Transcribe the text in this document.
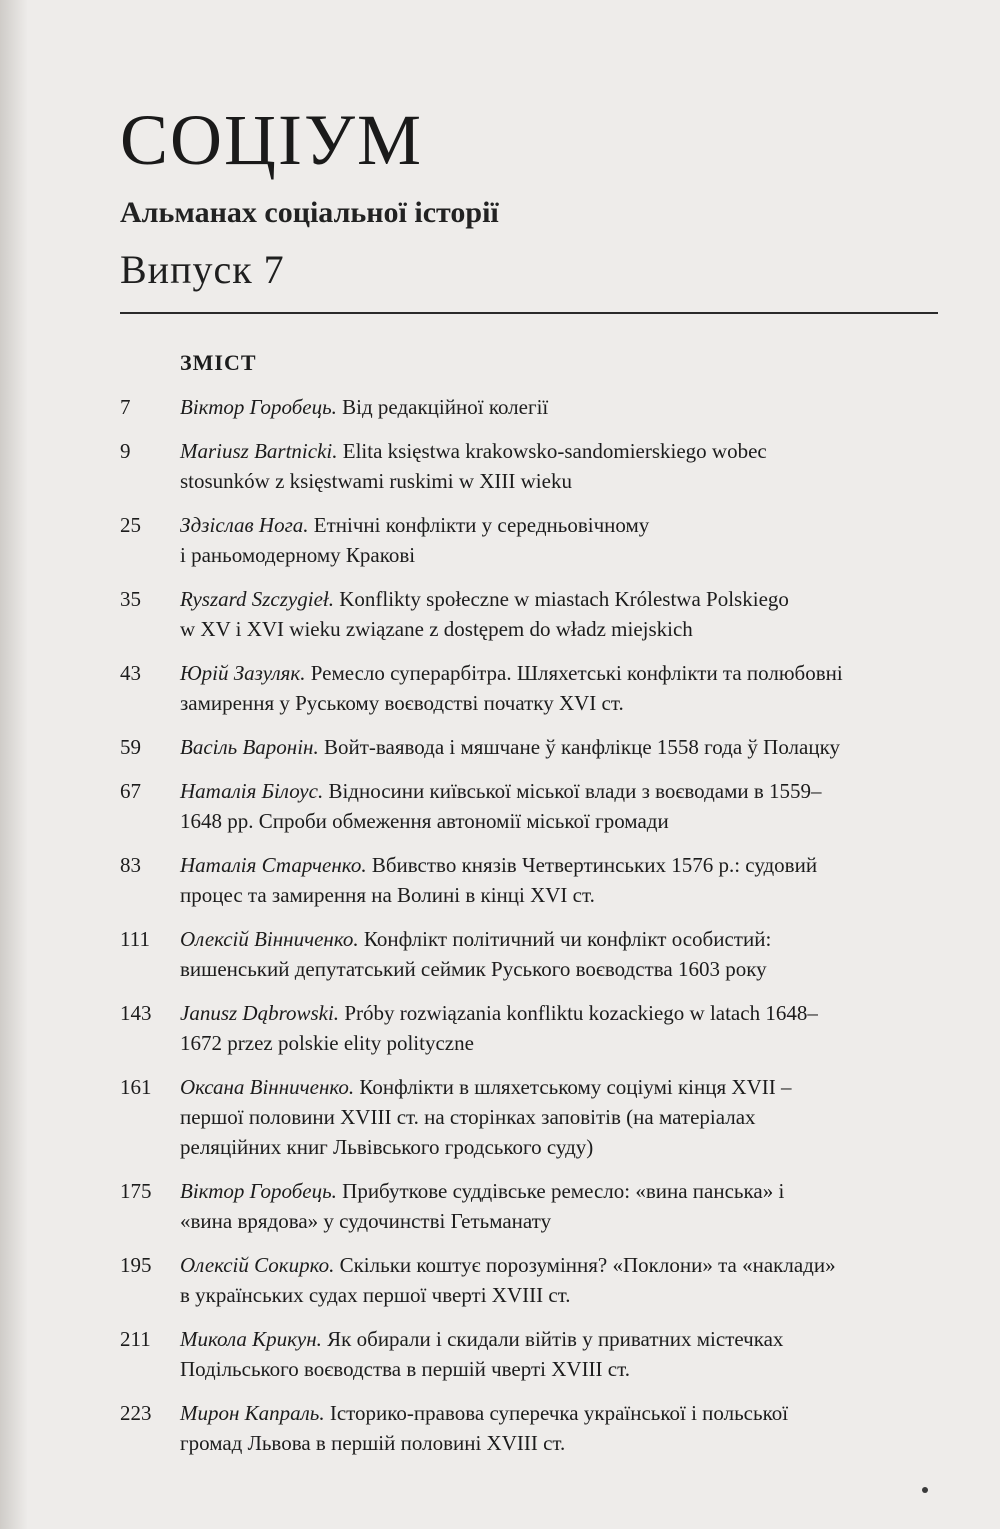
СОЦІУМ
Альманах соціальної історії
Випуск 7
ЗМІСТ
7	Віктор Горобець. Від редакційної колегії
9	Mariusz Bartnicki. Elita księstwa krakowsko-sandomierskiego wobec
stosunków z księstwami ruskimi w XIII wieku
25	Здзіслав Нога. Етнічні конфлікти у середньовічному
і раньомодерному Кракові
35	Ryszard Szczygieł. Konflikty społeczne w miastach Królestwa Polskiego
w XV i XVI wieku związane z dostępem do władz miejskich
43	Юрій Зазуляк. Ремесло суперарбітра. Шляхетські конфлікти та полюбовні
замирення у Руському воєводстві початку XVI ст.
59	Васіль Варонін. Войт-ваявода і мяшчане ў канфлікце 1558 года ў Полацку
67	Наталія Білоус. Відносини київської міської влади з воєводами в 1559–
1648 рр. Спроби обмеження автономії міської громади
83	Наталія Старченко. Вбивство князів Четвертинських 1576 р.: судовий
процес та замирення на Волині в кінці XVI ст.
111	Олексій Вінниченко. Конфлікт політичний чи конфлікт особистий:
вишенський депутатський сеймик Руського воєводства 1603 року
143	Janusz Dąbrowski. Próby rozwiązania konfliktu kozackiego w latach 1648–
1672 przez polskie elity polityczne
161	Оксана Вінниченко. Конфлікти в шляхетському соціумі кінця XVII –
першої половини XVIII ст. на сторінках заповітів (на матеріалах
реляційних книг Львівського гродського суду)
175	Віктор Горобець. Прибуткове суддівське ремесло: «вина панська» і
«вина врядова» у судочинстві Гетьманату
195	Олексій Сокирко. Скільки коштує порозуміння? «Поклони» та «наклади»
в українських судах першої чверті XVIII ст.
211	Микола Крикун. Як обирали і скидали війтів у приватних містечках
Подільського воєводства в першій чверті XVIII ст.
223	Мирон Капраль. Історико-правова суперечка української і польської
громад Львова в першій половині XVIII ст.
